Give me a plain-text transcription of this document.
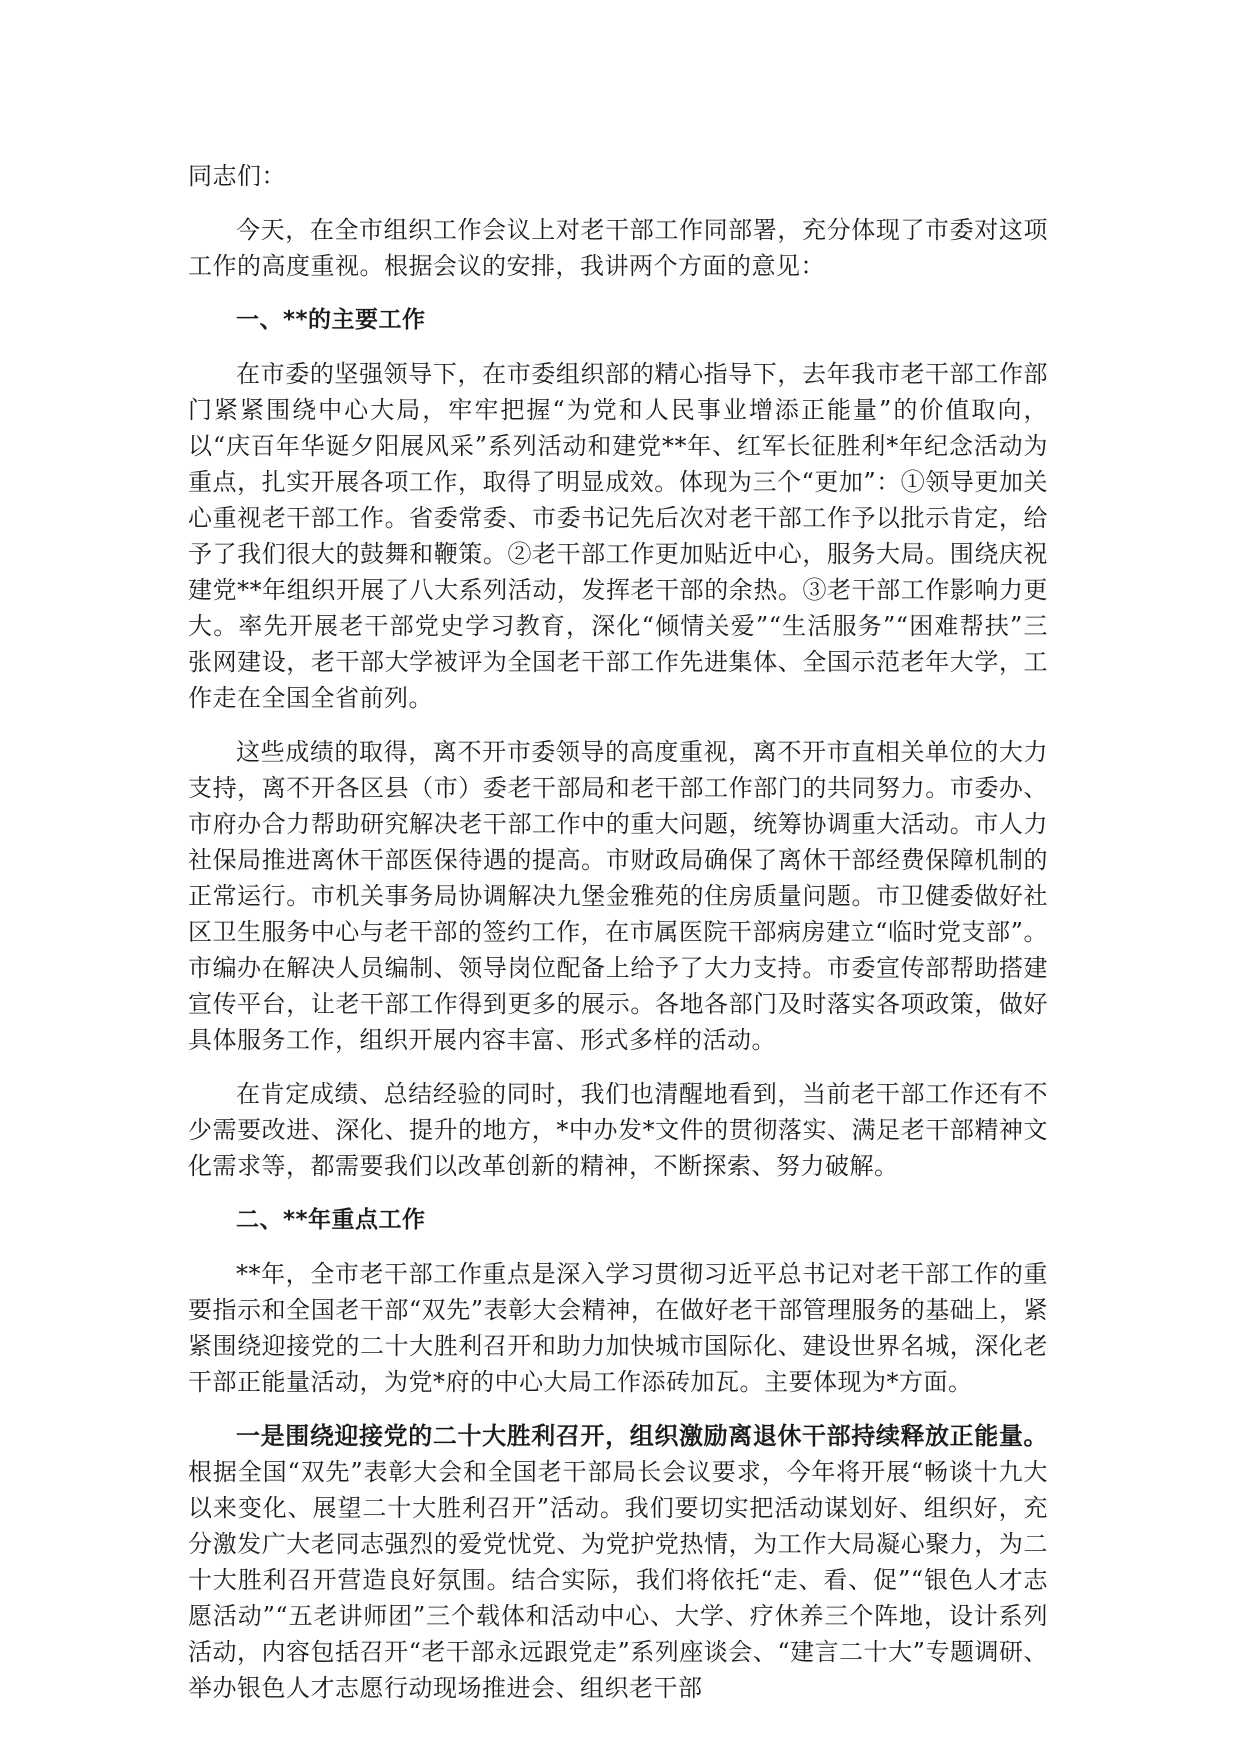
同志们：

今天，在全市组织工作会议上对老干部工作同部署，充分体现了市委对这项工作的高度重视。根据会议的安排，我讲两个方面的意见：

一、**的主要工作

在市委的坚强领导下，在市委组织部的精心指导下，去年我市老干部工作部门紧紧围绕中心大局，牢牢把握“为党和人民事业增添正能量”的价值取向，以“庆百年华诞夕阳展风采”系列活动和建党**年、红军长征胜利*年纪念活动为重点，扎实开展各项工作，取得了明显成效。体现为三个“更加”：①领导更加关心重视老干部工作。省委常委、市委书记先后次对老干部工作予以批示肯定，给予了我们很大的鼓舞和鞭策。②老干部工作更加贴近中心，服务大局。围绕庆祝建党**年组织开展了八大系列活动，发挥老干部的余热。③老干部工作影响力更大。率先开展老干部党史学习教育，深化“倾情关爱”“生活服务”“困难帮扶”三张网建设，老干部大学被评为全国老干部工作先进集体、全国示范老年大学，工作走在全国全省前列。

这些成绩的取得，离不开市委领导的高度重视，离不开市直相关单位的大力支持，离不开各区县（市）委老干部局和老干部工作部门的共同努力。市委办、市府办合力帮助研究解决老干部工作中的重大问题，统筹协调重大活动。市人力社保局推进离休干部医保待遇的提高。市财政局确保了离休干部经费保障机制的正常运行。市机关事务局协调解决九堡金雅苑的住房质量问题。市卫健委做好社区卫生服务中心与老干部的签约工作，在市属医院干部病房建立“临时党支部”。市编办在解决人员编制、领导岗位配备上给予了大力支持。市委宣传部帮助搭建宣传平台，让老干部工作得到更多的展示。各地各部门及时落实各项政策，做好具体服务工作，组织开展内容丰富、形式多样的活动。

在肯定成绩、总结经验的同时，我们也清醒地看到，当前老干部工作还有不少需要改进、深化、提升的地方，*中办发*文件的贯彻落实、满足老干部精神文化需求等，都需要我们以改革创新的精神，不断探索、努力破解。

二、**年重点工作

**年，全市老干部工作重点是深入学习贯彻习近平总书记对老干部工作的重要指示和全国老干部“双先”表彰大会精神，在做好老干部管理服务的基础上，紧紧围绕迎接党的二十大胜利召开和助力加快城市国际化、建设世界名城，深化老干部正能量活动，为党*府的中心大局工作添砖加瓦。主要体现为*方面。

一是围绕迎接党的二十大胜利召开，组织激励离退休干部持续释放正能量。根据全国“双先”表彰大会和全国老干部局长会议要求，今年将开展“畅谈十九大以来变化、展望二十大胜利召开”活动。我们要切实把活动谋划好、组织好，充分激发广大老同志强烈的爱党忧党、为党护党热情，为工作大局凝心聚力，为二十大胜利召开营造良好氛围。结合实际，我们将依托“走、看、促”“银色人才志愿活动”“五老讲师团”三个载体和活动中心、大学、疗休养三个阵地，设计系列活动，内容包括召开“老干部永远跟党走”系列座谈会、“建言二十大”专题调研、举办银色人才志愿行动现场推进会、组织老干部
